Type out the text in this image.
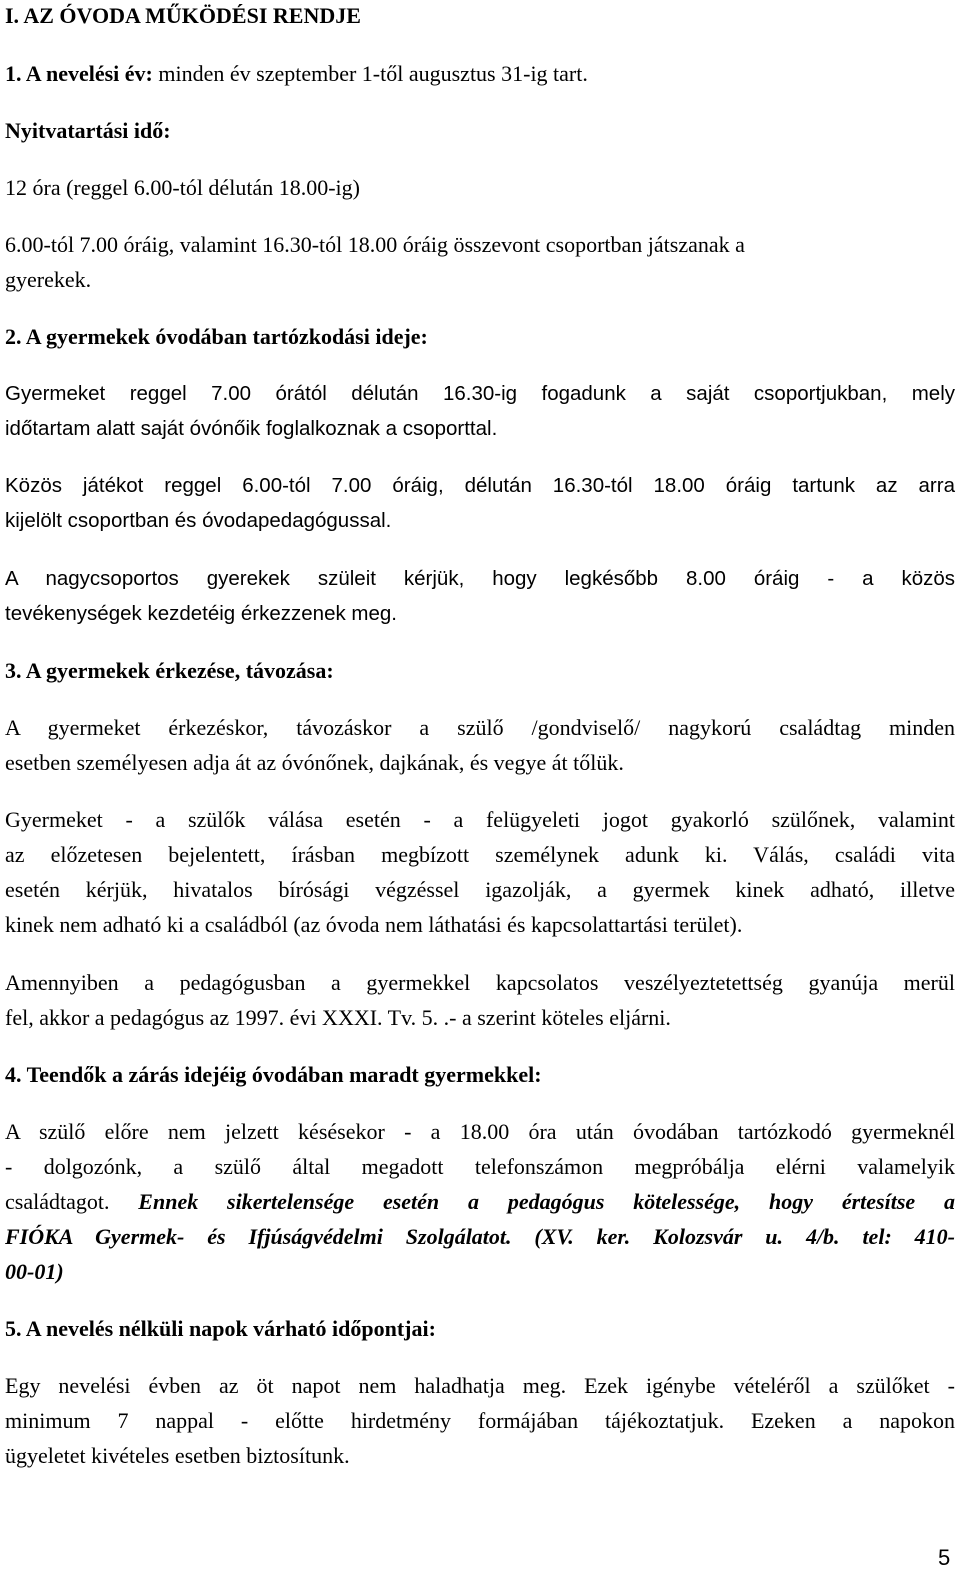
I. AZ ÓVODA MŰKÖDÉSI RENDJE
1. A nevelési év: minden év szeptember 1-től augusztus 31-ig tart.
Nyitvatartási idő:
12 óra (reggel 6.00-tól délután 18.00-ig)
6.00-tól 7.00 óráig, valamint 16.30-tól 18.00 óráig összevont csoportban játszanak a
gyerekek.
2. A gyermekek óvodában tartózkodási ideje:
Gyermeket reggel 7.00 órától délután 16.30-ig fogadunk a saját csoportjukban, mely
időtartam alatt saját óvónőik foglalkoznak a csoporttal.
Közös játékot reggel 6.00-tól 7.00 óráig, délután 16.30-tól 18.00 óráig tartunk az arra
kijelölt csoportban és óvodapedagógussal.
A nagycsoportos gyerekek szüleit kérjük, hogy legkésőbb 8.00 óráig - a közös
tevékenységek kezdetéig érkezzenek meg.
3. A gyermekek érkezése, távozása:
A gyermeket érkezéskor, távozáskor a szülő /gondviselő/ nagykorú családtag minden
esetben személyesen adja át az óvónőnek, dajkának, és vegye át tőlük.
Gyermeket - a szülők válása esetén - a felügyeleti jogot gyakorló szülőnek, valamint
az előzetesen bejelentett, írásban megbízott személynek adunk ki. Válás, családi vita
esetén kérjük, hivatalos bírósági végzéssel igazolják, a gyermek kinek adható, illetve
kinek nem adható ki a családból (az óvoda nem láthatási és kapcsolattartási terület).
Amennyiben a pedagógusban a gyermekkel kapcsolatos veszélyeztetettség gyanúja merül
fel, akkor a pedagógus az 1997. évi XXXI. Tv. 5. .- a szerint köteles eljárni.
4. Teendők a zárás idejéig óvodában maradt gyermekkel:
A szülő előre nem jelzett késésekor - a 18.00 óra után óvodában tartózkodó gyermeknél
- dolgozónk, a szülő által megadott telefonszámon megpróbálja elérni valamelyik
családtagot. Ennek sikertelensége esetén a pedagógus kötelessége, hogy értesítse a
FIÓKA Gyermek- és Ifjúságvédelmi Szolgálatot. (XV. ker. Kolozsvár u. 4/b. tel: 410-
00-01)
5. A nevelés nélküli napok várható időpontjai:
Egy nevelési évben az öt napot nem haladhatja meg. Ezek igénybe vételéről a szülőket -
minimum 7 nappal - előtte hirdetmény formájában tájékoztatjuk. Ezeken a napokon
ügyeletet kivételes esetben biztosítunk.
5
